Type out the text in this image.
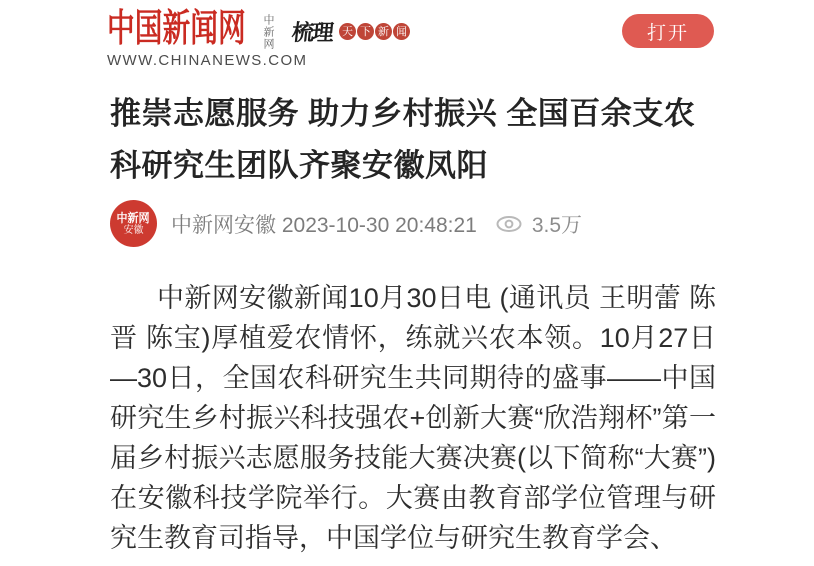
中国新闻网 中新网
WWW.CHINANEWS.COM
梳理 天 下 新 闻	打开
推崇志愿服务 助力乡村振兴 全国百余支农科研究生团队齐聚安徽凤阳
中新网
安徽 中新网安徽 2023-10-30 20:48:21	3.5万

中新网安徽新闻10月30日电 (通讯员 王明蕾 陈晋 陈宝)厚植爱农情怀，练就兴农本领。10月27日—30日，全国农科研究生共同期待的盛事——中国研究生乡村振兴科技强农+创新大赛“欣浩翔杯”第一届乡村振兴志愿服务技能大赛决赛(以下简称“大赛”)在安徽科技学院举行。大赛由教育部学位管理与研究生教育司指导，中国学位与研究生教育学会、
